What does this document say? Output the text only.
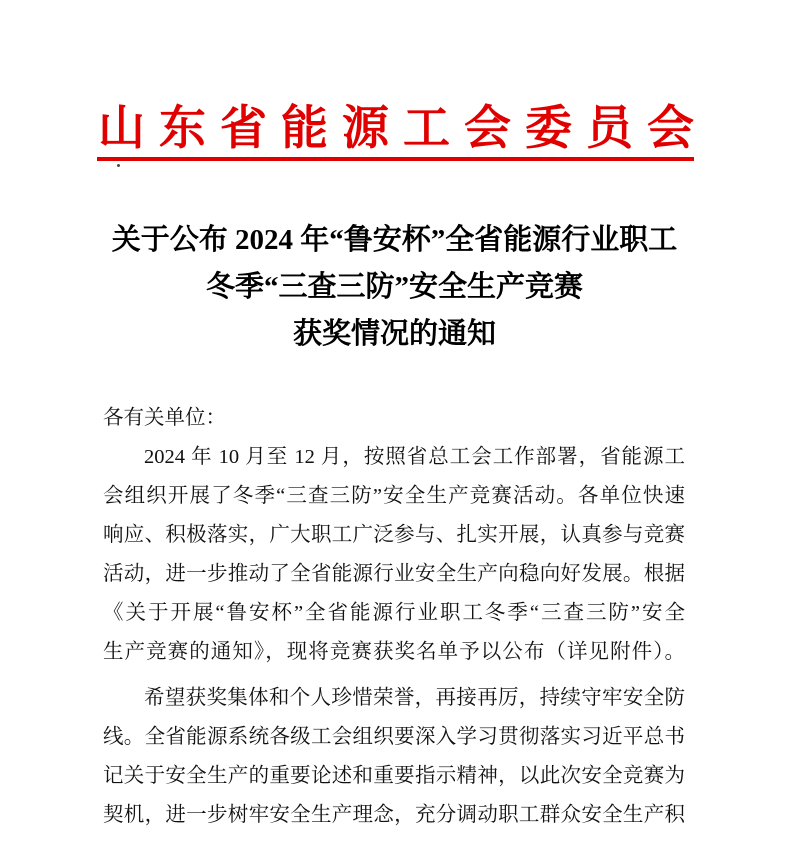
山 东 省 能 源 工 会 委 员 会
关于公布 2024 年“鲁安杯”全省能源行业职工
冬季“三查三防”安全生产竞赛
获奖情况的通知
各有关单位：
2024 年 10 月至 12 月，按照省总工会工作部署，省能源工
会组织开展了冬季“三查三防”安全生产竞赛活动。各单位快速
响应、积极落实，广大职工广泛参与、扎实开展，认真参与竞赛
活动，进一步推动了全省能源行业安全生产向稳向好发展。根据
《关于开展“鲁安杯”全省能源行业职工冬季“三查三防”安全
生产竞赛的通知》，现将竞赛获奖名单予以公布（详见附件）。
希望获奖集体和个人珍惜荣誉，再接再厉，持续守牢安全防
线。全省能源系统各级工会组织要深入学习贯彻落实习近平总书
记关于安全生产的重要论述和重要指示精神，以此次安全竞赛为
契机，进一步树牢安全生产理念，充分调动职工群众安全生产积
